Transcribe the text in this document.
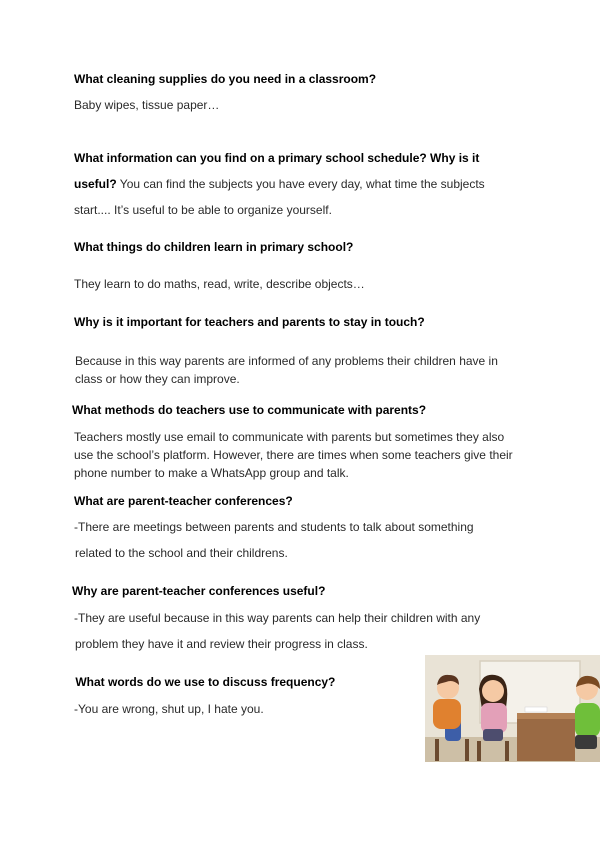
What cleaning supplies do you need in a classroom?
Baby wipes, tissue paper…
What information can you find on a primary school schedule? Why is it
useful? You can find the subjects you have every day, what time the subjects
start.... It’s useful to be able to organize yourself.
What things do children learn in primary school?
They learn to do maths, read, write, describe objects…
Why is it important for teachers and parents to stay in touch?
Because in this way parents are informed of any problems their children have in
class or how they can improve.
What methods do teachers use to communicate with parents?
Teachers mostly use email to communicate with parents but sometimes they also
use the school’s platform. However, there are times when some teachers give their
phone number to make a WhatsApp group and talk.
What are parent-teacher conferences?
-There are meetings between parents and students to talk about something
related to the school and their childrens.
Why are parent-teacher conferences useful?
-They are useful because in this way parents can help their children with any
problem they have it and review their progress in class.
What words do we use to discuss frequency?
-You are wrong, shut up, I hate you.
